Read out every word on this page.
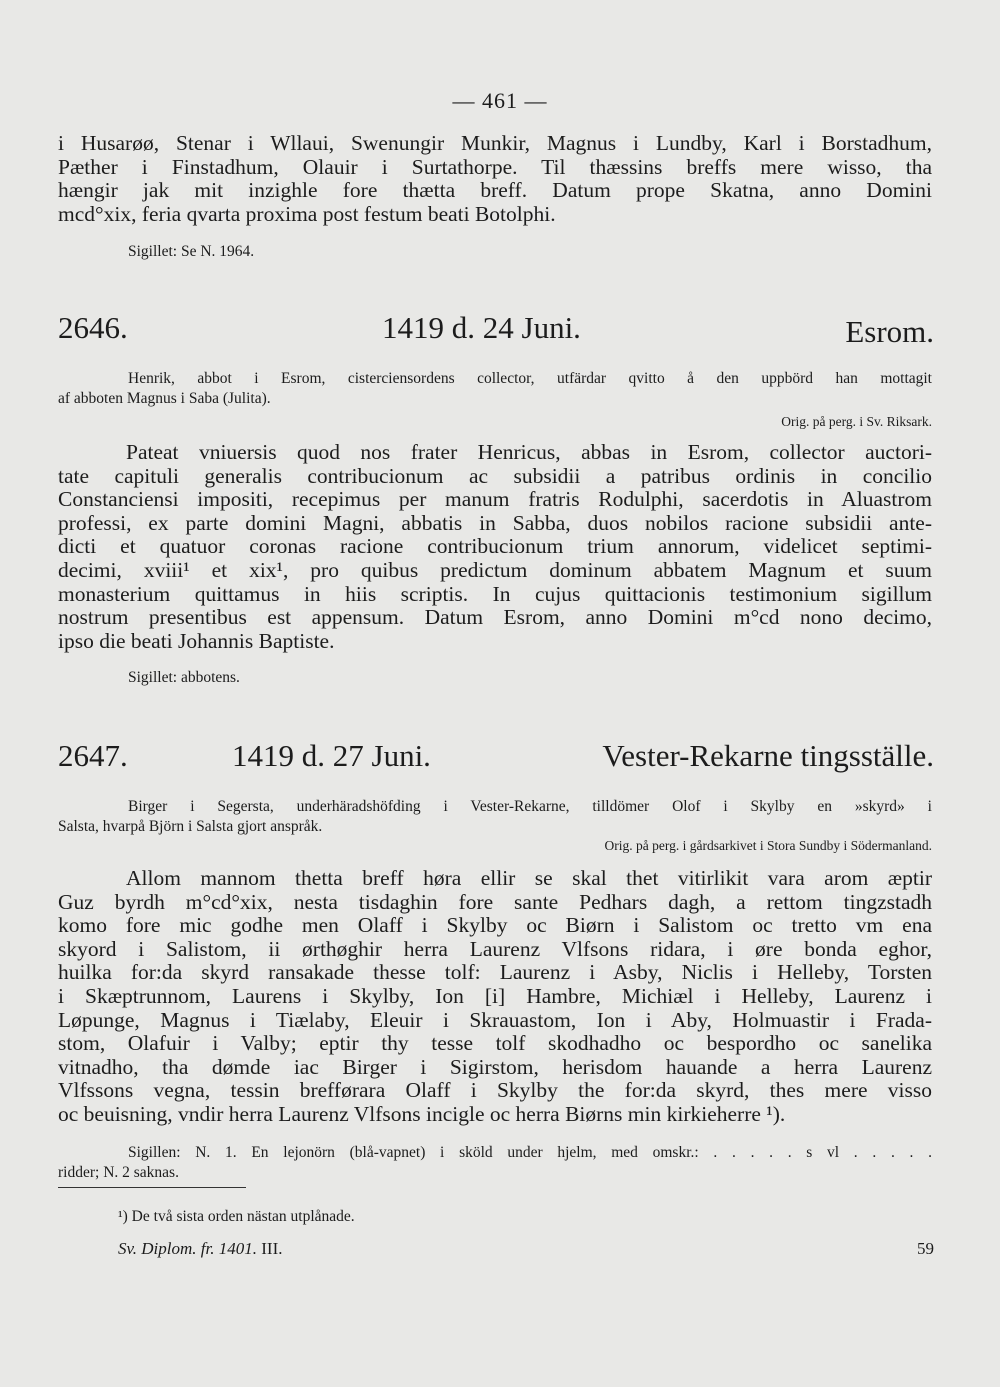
— 461 —
i Husarøø, Stenar i Wllaui, Swenungir Munkir, Magnus i Lundby, Karl i Borstadhum,
Pæther i Finstadhum, Olauir i Surtathorpe. Til thæssins breffs mere wisso, tha
hængir jak mit inzighle fore thætta breff. Datum prope Skatna, anno Domini
mcd°xix, feria qvarta proxima post festum beati Botolphi.
Sigillet: Se N. 1964.
2646.	1419 d. 24 Juni.	Esrom.
Henrik, abbot i Esrom, cisterciensordens collector, utfärdar qvitto å den uppbörd han mottagit
af abboten Magnus i Saba (Julita).
Orig. på perg. i Sv. Riksark.
Pateat vniuersis quod nos frater Henricus, abbas in Esrom, collector auctori-
tate capituli generalis contribucionum ac subsidii a patribus ordinis in concilio
Constanciensi impositi, recepimus per manum fratris Rodulphi, sacerdotis in Aluastrom
professi, ex parte domini Magni, abbatis in Sabba, duos nobilos racione subsidii ante-
dicti et quatuor coronas racione contribucionum trium annorum, videlicet septimi-
decimi, xviii¹ et xix¹, pro quibus predictum dominum abbatem Magnum et suum
monasterium quittamus in hiis scriptis. In cujus quittacionis testimonium sigillum
nostrum presentibus est appensum. Datum Esrom, anno Domini m°cd nono decimo,
ipso die beati Johannis Baptiste.
Sigillet: abbotens.
2647.	1419 d. 27 Juni.	Vester-Rekarne tingsställe.
Birger i Segersta, underhäradshöfding i Vester-Rekarne, tilldömer Olof i Skylby en »skyrd» i
Salsta, hvarpå Björn i Salsta gjort anspråk.
Orig. på perg. i gårdsarkivet i Stora Sundby i Södermanland.
Allom mannom thetta breff høra ellir se skal thet vitirlikit vara arom æptir
Guz byrdh m°cd°xix, nesta tisdaghin fore sante Pedhars dagh, a rettom tingzstadh
komo fore mic godhe men Olaff i Skylby oc Biørn i Salistom oc tretto vm ena
skyord i Salistom, ii ørthøghir herra Laurenz Vlfsons ridara, i øre bonda eghor,
huilka for:da skyrd ransakade thesse tolf: Laurenz i Asby, Niclis i Helleby, Torsten
i Skæptrunnom, Laurens i Skylby, Ion [i] Hambre, Michiæl i Helleby, Laurenz i
Løpunge, Magnus i Tiælaby, Eleuir i Skrauastom, Ion i Aby, Holmuastir i Frada-
stom, Olafuir i Valby; eptir thy tesse tolf skodhadho oc bespordho oc sanelika
vitnadho, tha dømde iac Birger i Sigirstom, herisdom hauande a herra Laurenz
Vlfssons vegna, tessin brefførara Olaff i Skylby the for:da skyrd, thes mere visso
oc beuisning, vndir herra Laurenz Vlfsons incigle oc herra Biørns min kirkieherre ¹).
Sigillen: N. 1. En lejonörn (blå-vapnet) i sköld under hjelm, med omskr.: . . . . . s vl . . . . .
ridder; N. 2 saknas.
¹) De två sista orden nästan utplånade.
Sv. Diplom. fr. 1401. III.	59
